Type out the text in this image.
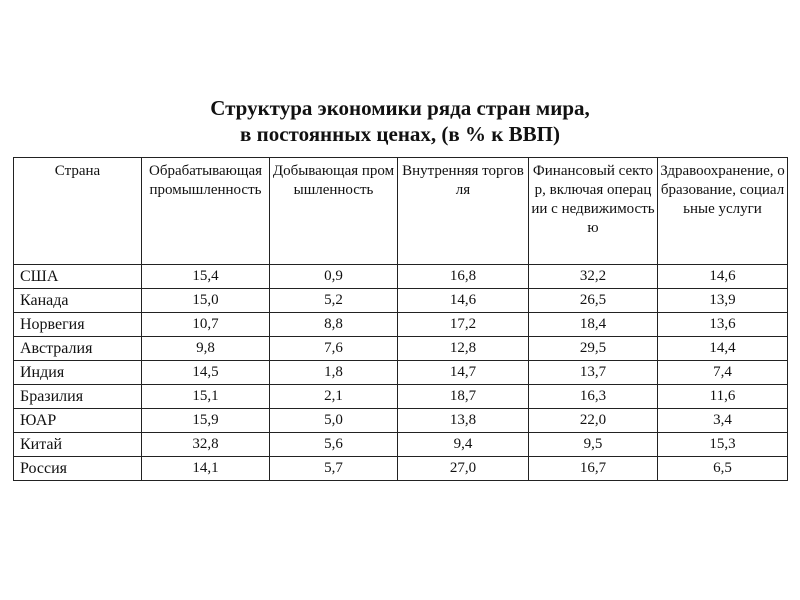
Структура экономики ряда стран мира,
в постоянных ценах, (в % к ВВП)
Страна	Обрабатывающая промышленность	Добывающая промышленность	Внутренняя торговля	Финансовый сектор, включая операции с недвижимостью	Здравоохранение, образование, социальные услуги
США	15,4	0,9	16,8	32,2	14,6
Канада	15,0	5,2	14,6	26,5	13,9
Норвегия	10,7	8,8	17,2	18,4	13,6
Австралия	9,8	7,6	12,8	29,5	14,4
Индия	14,5	1,8	14,7	13,7	7,4
Бразилия	15,1	2,1	18,7	16,3	11,6
ЮАР	15,9	5,0	13,8	22,0	3,4
Китай	32,8	5,6	9,4	9,5	15,3
Россия	14,1	5,7	27,0	16,7	6,5
